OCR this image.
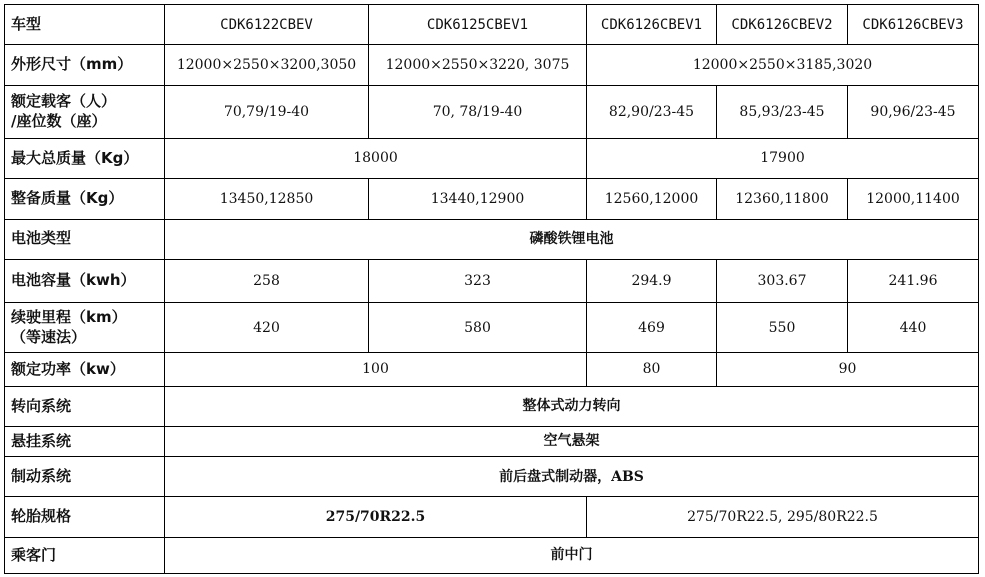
车型	CDK6122CBEV	CDK6125CBEV1	CDK6126CBEV1	CDK6126CBEV2	CDK6126CBEV3
外形尺寸（mm）	12000×2550×3200,3050	12000×2550×3220, 3075	12000×2550×3185,3020		
额定载客（人）
/座位数（座）	70,79/19-40	70, 78/19-40	82,90/23-45	85,93/23-45	90,96/23-45
最大总质量（Kg）	18000		17900		
整备质量（Kg）	13450,12850	13440,12900	12560,12000	12360,11800	12000,11400
电池类型	磷酸铁锂电池				
电池容量（kwh）	258	323	294.9	303.67	241.96
续驶里程（km）
（等速法）	420	580	469	550	440
额定功率（kw）	100		80	90	
转向系统	整体式动力转向				
悬挂系统	空气悬架				
制动系统	前后盘式制动器，ABS				
轮胎规格	275/70R22.5		275/70R22.5, 295/80R22.5		
乘客门	前中门				
